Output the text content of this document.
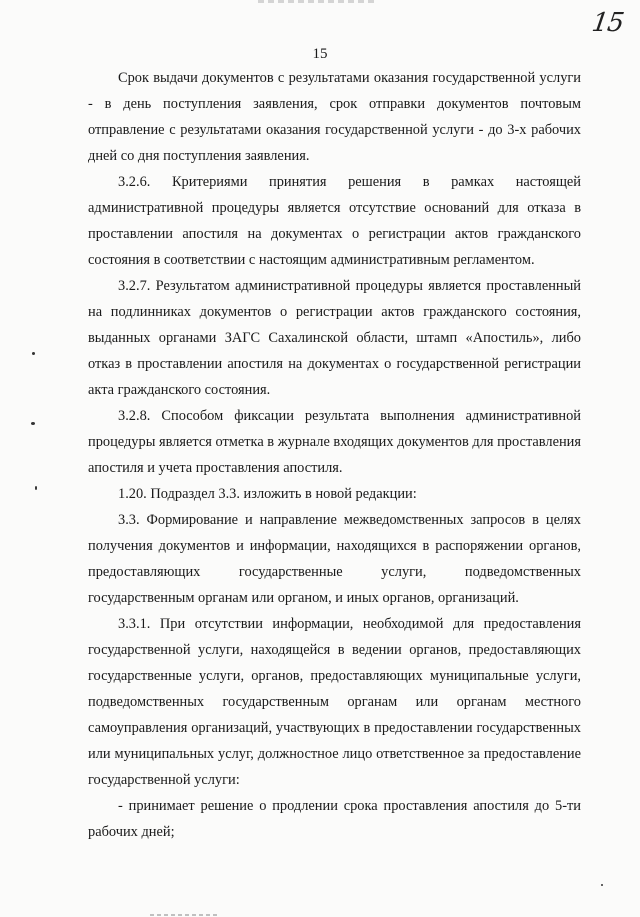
15
15

Срок выдачи документов с результатами оказания государственной услуги - в день поступления заявления, срок отправки документов почтовым отправление с результатами оказания государственной услуги - до 3-х рабочих дней со дня поступления заявления.

3.2.6. Критериями принятия решения в рамках настоящей административной процедуры является отсутствие оснований для отказа в проставлении апостиля на документах о регистрации актов гражданского состояния в соответствии с настоящим административным регламентом.

3.2.7. Результатом административной процедуры является проставленный на подлинниках документов о регистрации актов гражданского состояния, выданных органами ЗАГС Сахалинской области, штамп «Апостиль», либо отказ в проставлении апостиля на документах о государственной регистрации акта гражданского состояния.

3.2.8. Способом фиксации результата выполнения административной процедуры является отметка в журнале входящих документов для проставления апостиля и учета проставления апостиля.

1.20. Подраздел 3.3. изложить в новой редакции:

3.3. Формирование и направление межведомственных запросов в целях получения документов и информации, находящихся в распоряжении органов, предоставляющих государственные услуги, подведомственных государственным органам или органом, и иных органов, организаций.

3.3.1. При отсутствии информации, необходимой для предоставления государственной услуги, находящейся в ведении органов, предоставляющих государственные услуги, органов, предоставляющих муниципальные услуги, подведомственных государственным органам или органам местного самоуправления организаций, участвующих в предоставлении государственных или муниципальных услуг, должностное лицо ответственное за предоставление государственной услуги:

- принимает решение о продлении срока проставления апостиля до 5-ти рабочих дней;
